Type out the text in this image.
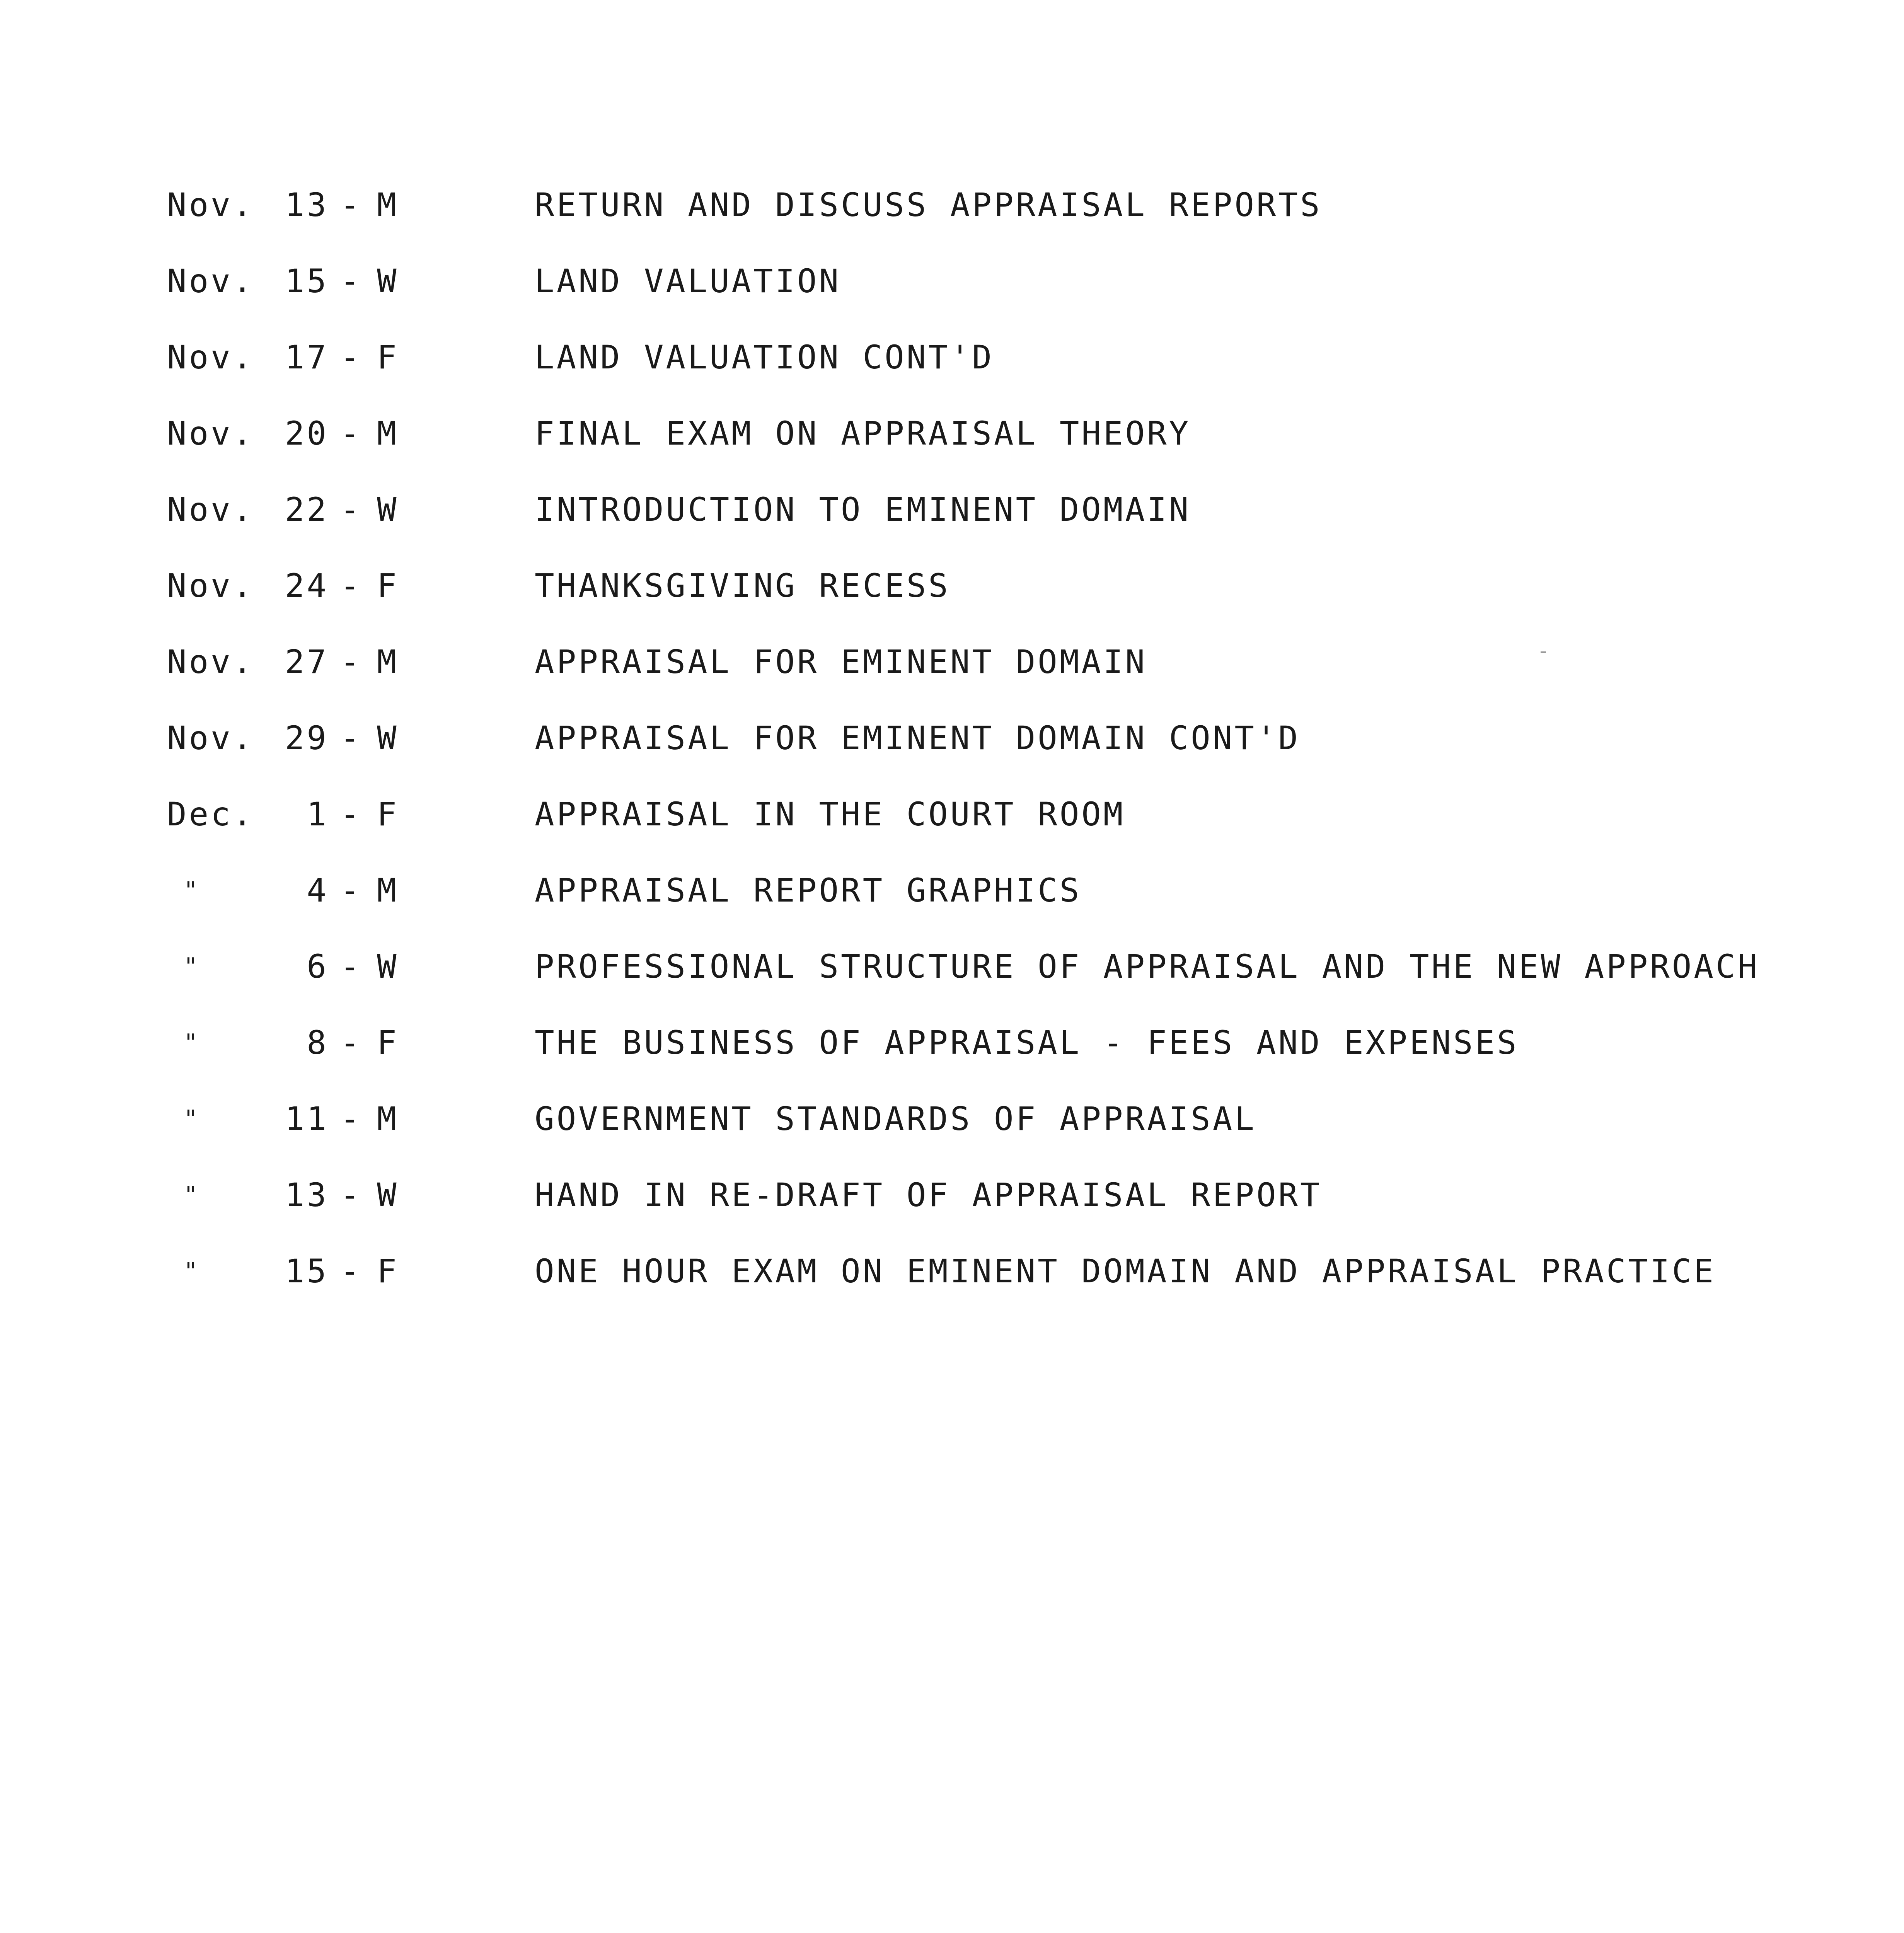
Nov. 13 - M	RETURN AND DISCUSS APPRAISAL REPORTS
Nov. 15 - W	LAND VALUATION
Nov. 17 - F	LAND VALUATION CONT'D
Nov. 20 - M	FINAL EXAM ON APPRAISAL THEORY
Nov. 22 - W	INTRODUCTION TO EMINENT DOMAIN
Nov. 24 - F	THANKSGIVING RECESS
Nov. 27 - M	APPRAISAL FOR EMINENT DOMAIN
Nov. 29 - W	APPRAISAL FOR EMINENT DOMAIN CONT'D
Dec.	1 - F	APPRAISAL IN THE COURT ROOM
"	4 - M	APPRAISAL REPORT GRAPHICS
"	6 - W	PROFESSIONAL STRUCTURE OF APPRAISAL AND THE NEW APPROACH
"	8 - F	THE BUSINESS OF APPRAISAL - FEES AND EXPENSES
"	11 - M	GOVERNMENT STANDARDS OF APPRAISAL
"	13 - W	HAND IN RE-DRAFT OF APPRAISAL REPORT
"	15 - F	ONE HOUR EXAM ON EMINENT DOMAIN AND APPRAISAL PRACTICE
